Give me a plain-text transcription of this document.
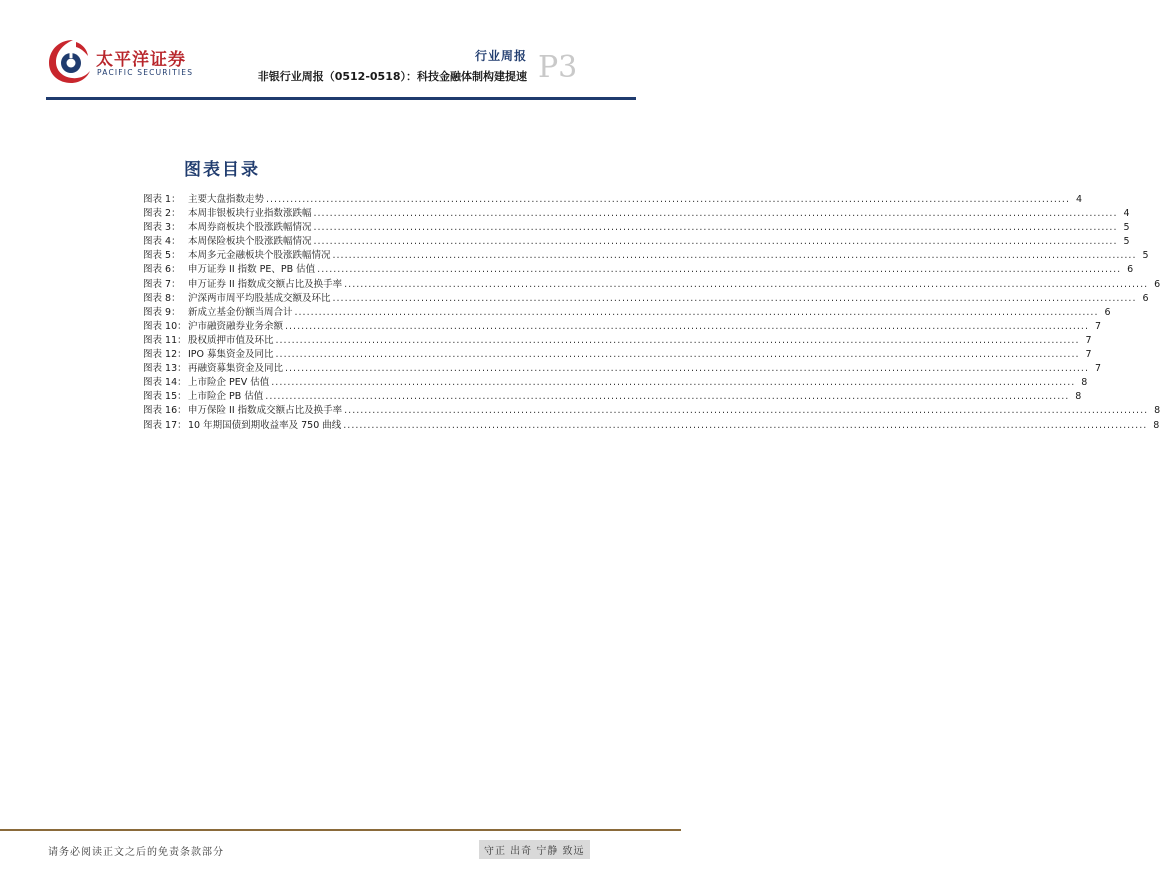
太平洋证券
PACIFIC SECURITIES
行业周报
非银行业周报（0512-0518）：科技金融体制构建提速 P3
图表目录
图表 1： 主要大盘指数走势 ........................................................................................................................................................................................................ 4
图表 2： 本周非银板块行业指数涨跌幅 ........................................................................................................................................................................................................ 4
图表 3： 本周券商板块个股涨跌幅情况 ........................................................................................................................................................................................................ 5
图表 4： 本周保险板块个股涨跌幅情况 ........................................................................................................................................................................................................ 5
图表 5： 本周多元金融板块个股涨跌幅情况 ........................................................................................................................................................................................................ 5
图表 6： 申万证券 II 指数 PE、PB 估值 ........................................................................................................................................................................................................ 6
图表 7： 申万证券 II 指数成交额占比及换手率 ........................................................................................................................................................................................................ 6
图表 8： 沪深两市周平均股基成交额及环比 ........................................................................................................................................................................................................ 6
图表 9： 新成立基金份额当周合计 ........................................................................................................................................................................................................ 6
图表 10： 沪市融资融券业务余额 ........................................................................................................................................................................................................ 7
图表 11： 股权质押市值及环比 ........................................................................................................................................................................................................ 7
图表 12： IPO 募集资金及同比 ........................................................................................................................................................................................................ 7
图表 13： 再融资募集资金及同比 ........................................................................................................................................................................................................ 7
图表 14： 上市险企 PEV 估值 ........................................................................................................................................................................................................ 8
图表 15： 上市险企 PB 估值 ........................................................................................................................................................................................................ 8
图表 16： 申万保险 II 指数成交额占比及换手率 ........................................................................................................................................................................................................ 8
图表 17： 10 年期国债到期收益率及 750 曲线 ........................................................................................................................................................................................................ 8
请务必阅读正文之后的免责条款部分	守正 出奇 宁静 致远
